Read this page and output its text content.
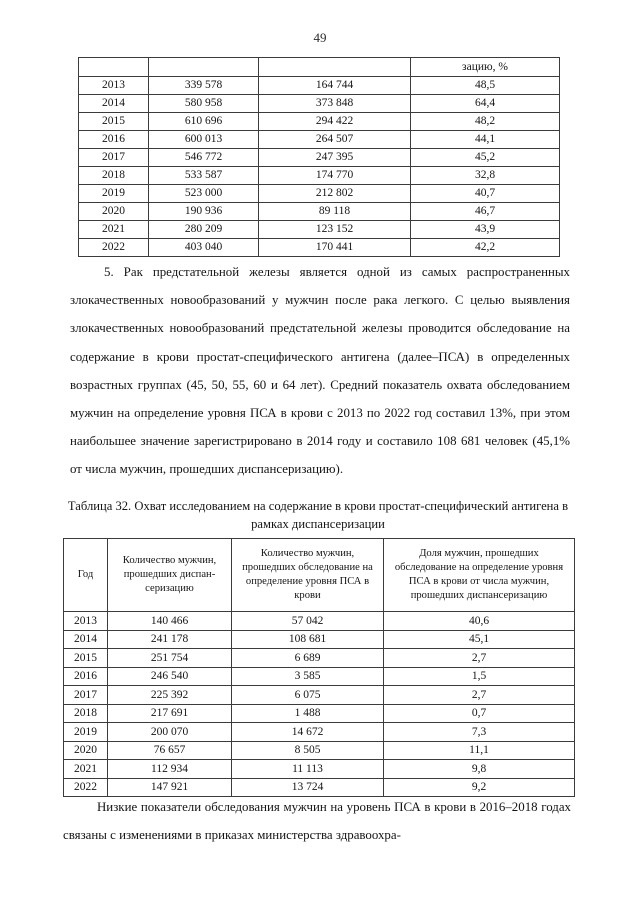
49
			зацию, %
2013	339 578	164 744	48,5
2014	580 958	373 848	64,4
2015	610 696	294 422	48,2
2016	600 013	264 507	44,1
2017	546 772	247 395	45,2
2018	533 587	174 770	32,8
2019	523 000	212 802	40,7
2020	190 936	89 118	46,7
2021	280 209	123 152	43,9
2022	403 040	170 441	42,2

5. Рак предстательной железы является одной из самых распространенных злокачественных новообразований у мужчин после рака легкого. С целью выявления злокачественных новообразований предстательной железы проводится обследование на содержание в крови простат-специфического антигена (далее–ПСА) в определенных возрастных группах (45, 50, 55, 60 и 64 лет). Средний показатель охвата обследованием мужчин на определение уровня ПСА в крови с 2013 по 2022 год составил 13%, при этом наибольшее значение зарегистрировано в 2014 году и составило 108 681 человек (45,1% от числа мужчин, прошедших диспансеризацию).

Таблица 32. Охват исследованием на содержание в крови простат-специфический антигена в рамках диспансеризации
Год	Количество мужчин, прошедших диспан-серизацию	Количество мужчин, прошедших обследование на определение уровня ПСА в крови	Доля мужчин, прошедших обследование на определение уровня ПСА в крови от числа мужчин, прошедших диспансеризацию
2013	140 466	57 042	40,6
2014	241 178	108 681	45,1
2015	251 754	6 689	2,7
2016	246 540	3 585	1,5
2017	225 392	6 075	2,7
2018	217 691	1 488	0,7
2019	200 070	14 672	7,3
2020	76 657	8 505	11,1
2021	112 934	11 113	9,8
2022	147 921	13 724	9,2

Низкие показатели обследования мужчин на уровень ПСА в крови в 2016–2018 годах связаны с изменениями в приказах министерства здравоохра-
